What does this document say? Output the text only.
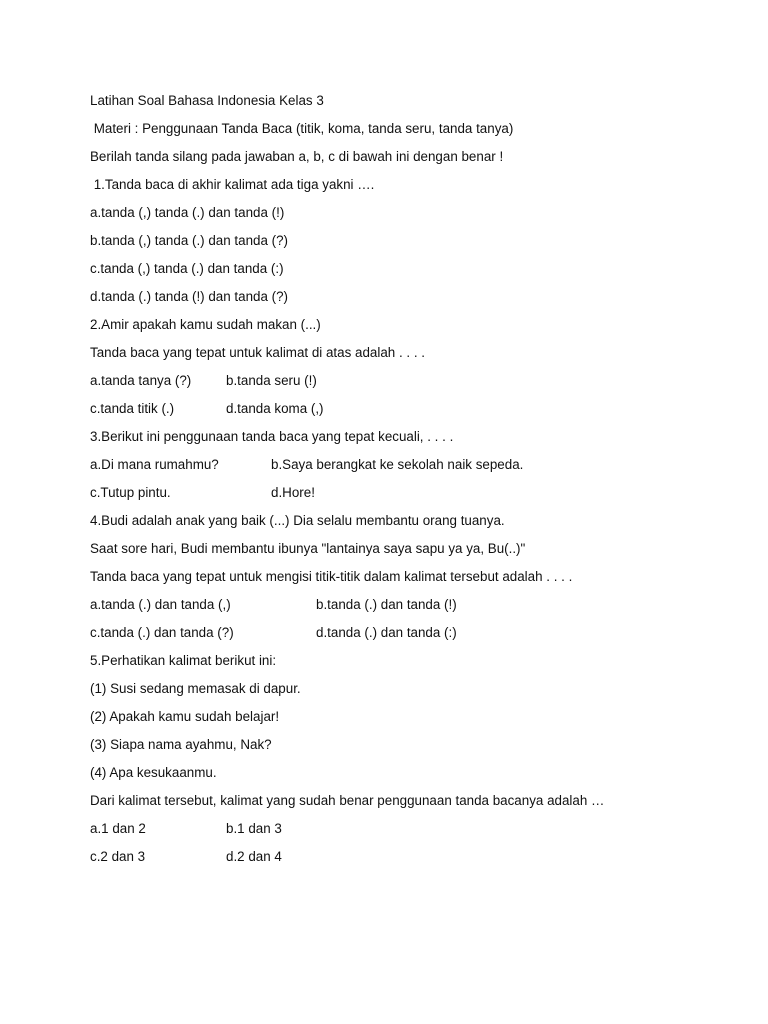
Latihan Soal Bahasa Indonesia Kelas 3
Materi : Penggunaan Tanda Baca (titik, koma, tanda seru, tanda tanya)
Berilah tanda silang pada jawaban a, b, c di bawah ini dengan benar !
1.Tanda baca di akhir kalimat ada tiga yakni ….
a.tanda (,) tanda (.) dan tanda (!)
b.tanda (,) tanda (.) dan tanda (?)
c.tanda (,) tanda (.) dan tanda (:)
d.tanda (.) tanda (!) dan tanda (?)
2.Amir apakah kamu sudah makan (...)
Tanda baca yang tepat untuk kalimat di atas adalah . . . .
a.tanda tanya (?)	b.tanda seru (!)
c.tanda titik (.)	d.tanda koma (,)
3.Berikut ini penggunaan tanda baca yang tepat kecuali, . . . .
a.Di mana rumahmu?	b.Saya berangkat ke sekolah naik sepeda.
c.Tutup pintu.	d.Hore!
4.Budi adalah anak yang baik (...) Dia selalu membantu orang tuanya.
Saat sore hari, Budi membantu ibunya "lantainya saya sapu ya ya, Bu(..)"
Tanda baca yang tepat untuk mengisi titik-titik dalam kalimat tersebut adalah . . . .
a.tanda (.) dan tanda (,)	b.tanda (.) dan tanda (!)
c.tanda (.) dan tanda (?)	d.tanda (.) dan tanda (:)
5.Perhatikan kalimat berikut ini:
(1) Susi sedang memasak di dapur.
(2) Apakah kamu sudah belajar!
(3) Siapa nama ayahmu, Nak?
(4) Apa kesukaanmu.
Dari kalimat tersebut, kalimat yang sudah benar penggunaan tanda bacanya adalah …
a.1 dan 2	b.1 dan 3
c.2 dan 3	d.2 dan 4
